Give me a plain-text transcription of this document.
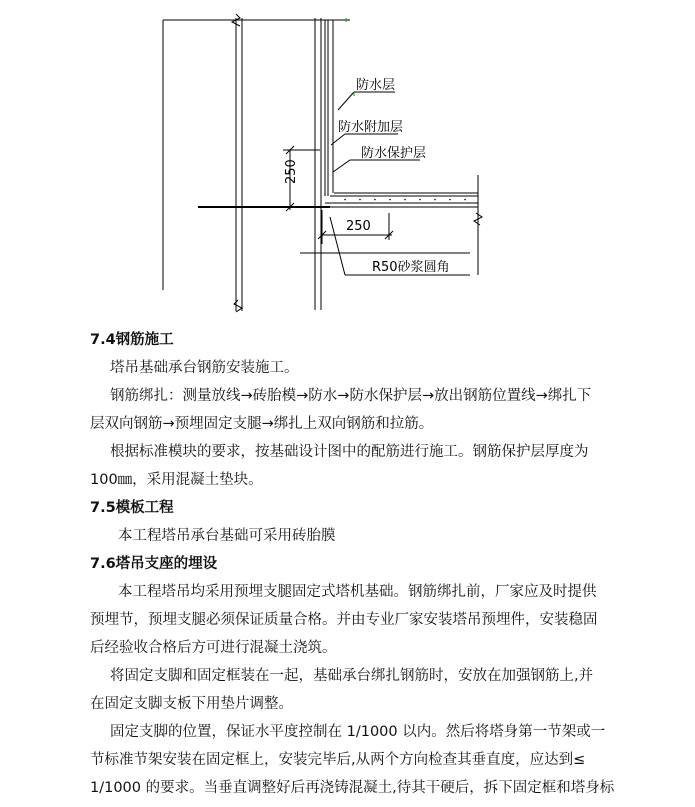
防水层
防水附加层
防水保护层
250
250
R50砂浆圆角
7.4钢筋施工
塔吊基础承台钢筋安装施工。
钢筋绑扎：测量放线→砖胎模→防水→防水保护层→放出钢筋位置线→绑扎下
层双向钢筋→预埋固定支腿→绑扎上双向钢筋和拉筋。
根据标准模块的要求，按基础设计图中的配筋进行施工。钢筋保护层厚度为
100㎜，采用混凝土垫块。
7.5模板工程
本工程塔吊承台基础可采用砖胎膜
7.6塔吊支座的埋设
本工程塔吊均采用预埋支腿固定式塔机基础。钢筋绑扎前，厂家应及时提供
预埋节，预埋支腿必须保证质量合格。并由专业厂家安装塔吊预埋件，安装稳固
后经验收合格后方可进行混凝土浇筑。
将固定支脚和固定框装在一起，基础承台绑扎钢筋时，安放在加强钢筋上,并
在固定支脚支板下用垫片调整。
固定支脚的位置，保证水平度控制在 1/1000 以内。然后将塔身第一节架或一
节标准节架安装在固定框上，安装完毕后,从两个方向检查其垂直度，应达到≤
1/1000 的要求。当垂直调整好后再浇铸混凝土,待其干硬后，拆下固定框和塔身标
